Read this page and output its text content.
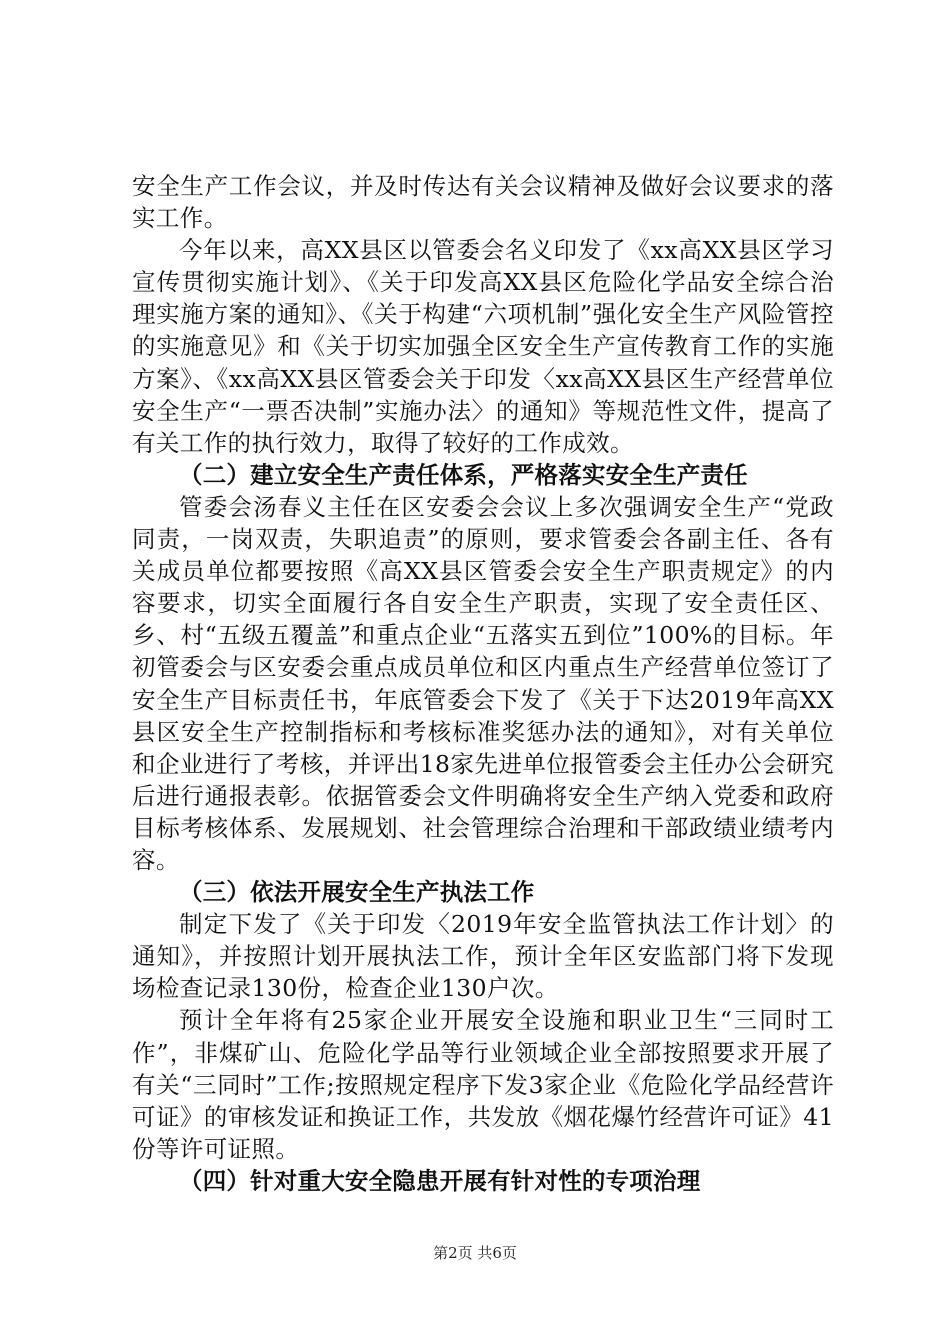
安全生产工作会议，并及时传达有关会议精神及做好会议要求的落实工作。

今年以来，高XX县区以管委会名义印发了《xx高XX县区学习宣传贯彻实施计划》、《关于印发高XX县区危险化学品安全综合治理实施方案的通知》、《关于构建“六项机制”强化安全生产风险管控的实施意见》和《关于切实加强全区安全生产宣传教育工作的实施方案》、《xx高XX县区管委会关于印发〈xx高XX县区生产经营单位安全生产“一票否决制”实施办法〉的通知》等规范性文件，提高了有关工作的执行效力，取得了较好的工作成效。

（二）建立安全生产责任体系，严格落实安全生产责任

管委会汤春义主任在区安委会会议上多次强调安全生产“党政同责，一岗双责，失职追责”的原则，要求管委会各副主任、各有关成员单位都要按照《高XX县区管委会安全生产职责规定》的内容要求，切实全面履行各自安全生产职责，实现了安全责任区、乡、村“五级五覆盖”和重点企业“五落实五到位”100%的目标。年初管委会与区安委会重点成员单位和区内重点生产经营单位签订了安全生产目标责任书，年底管委会下发了《关于下达2019年高XX县区安全生产控制指标和考核标准奖惩办法的通知》，对有关单位和企业进行了考核，并评出18家先进单位报管委会主任办公会研究后进行通报表彰。依据管委会文件明确将安全生产纳入党委和政府目标考核体系、发展规划、社会管理综合治理和干部政绩业绩考内容。

（三）依法开展安全生产执法工作

制定下发了《关于印发〈2019年安全监管执法工作计划〉的通知》，并按照计划开展执法工作，预计全年区安监部门将下发现场检查记录130份，检查企业130户次。

预计全年将有25家企业开展安全设施和职业卫生“三同时工作”，非煤矿山、危险化学品等行业领域企业全部按照要求开展了有关“三同时”工作;按照规定程序下发3家企业《危险化学品经营许可证》的审核发证和换证工作，共发放《烟花爆竹经营许可证》41份等许可证照。

（四）针对重大安全隐患开展有针对性的专项治理

第2页 共6页
